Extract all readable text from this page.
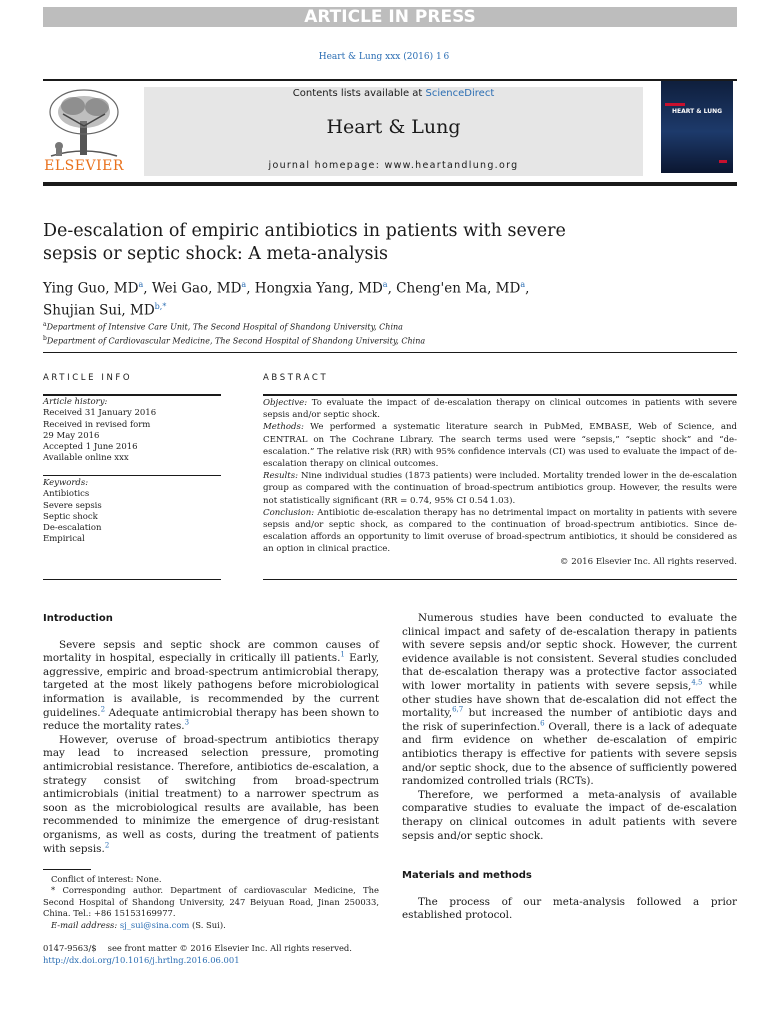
ARTICLE IN PRESS
Heart & Lung xxx (2016) 1 6
ELSEVIER
Contents lists available at ScienceDirect
Heart & Lung
journal homepage: www.heartandlung.org
HEART & LUNG
De-escalation of empiric antibiotics in patients with severe sepsis or septic shock: A meta-analysis
Ying Guo, $MD^a$, Wei Gao, $MD^a$, Hongxia Yang, $MD^a$, Cheng'en Ma, $MD^a$,
Shujian Sui, $MD^{b,*}$
$^a$Department of Intensive Care Unit, The Second Hospital of Shandong University, China
$^b$Department of Cardiovascular Medicine, The Second Hospital of Shandong University, China
ARTICLE INFO	ABSTRACT
Article history:
Received 31 January 2016
Received in revised form
29 May 2016
Accepted 1 June 2016
Available online xxx
Keywords:
Antibiotics
Severe sepsis
Septic shock
De-escalation
Empirical

Objective: To evaluate the impact of de-escalation therapy on clinical outcomes in patients with severe sepsis and/or septic shock.

Methods: We performed a systematic literature search in PubMed, EMBASE, Web of Science, and CENTRAL on The Cochrane Library. The search terms used were “sepsis,” “septic shock” and “de-escalation.” The relative risk (RR) with 95% confidence intervals (CI) was used to evaluate the impact of de-escalation therapy on clinical outcomes.

Results: Nine individual studies (1873 patients) were included. Mortality trended lower in the de-escalation group as compared with the continuation of broad-spectrum antibiotics group. However, the results were not statistically significant (RR = 0.74, 95% CI 0.54 1.03).

Conclusion: Antibiotic de-escalation therapy has no detrimental impact on mortality in patients with severe sepsis and/or septic shock, as compared to the continuation of broad-spectrum antibiotics. Since de-escalation affords an opportunity to limit overuse of broad-spectrum antibiotics, it should be considered as an option in clinical practice.

© 2016 Elsevier Inc. All rights reserved.

Introduction

Severe sepsis and septic shock are common causes of mortality in hospital, especially in critically ill patients.$^1$ Early, aggressive, empiric and broad-spectrum antimicrobial therapy, targeted at the most likely pathogens before microbiological information is available, is recommended by the current guidelines.$^2$ Adequate antimicrobial therapy has been shown to reduce the mortality rates.$^3$

However, overuse of broad-spectrum antibiotics therapy may lead to increased selection pressure, promoting antimicrobial resistance. Therefore, antibiotics de-escalation, a strategy consist of switching from broad-spectrum antimicrobials (initial treatment) to a narrower spectrum as soon as the microbiological results are available, has been recommended to minimize the emergence of drug-resistant organisms, as well as costs, during the treatment of patients with sepsis.$^2$

Numerous studies have been conducted to evaluate the clinical impact and safety of de-escalation therapy in patients with severe sepsis and/or septic shock. However, the current evidence available is not consistent. Several studies concluded that de-escalation therapy was a protective factor associated with lower mortality in patients with severe sepsis,$^{4,5}$ while other studies have shown that de-escalation did not effect the mortality,$^{6,7}$ but increased the number of antibiotic days and the risk of superinfection.$^6$ Overall, there is a lack of adequate and firm evidence on whether de-escalation of empiric antibiotics therapy is effective for patients with severe sepsis and/or septic shock, due to the absence of sufficiently powered randomized controlled trials (RCTs).

Therefore, we performed a meta-analysis of available comparative studies to evaluate the impact of de-escalation therapy on clinical outcomes in adult patients with severe sepsis and/or septic shock.

Materials and methods

The process of our meta-analysis followed a prior established protocol.

Conflict of interest: None.

* Corresponding author. Department of cardiovascular Medicine, The Second Hospital of Shandong University, 247 Beiyuan Road, Jinan 250033, China. Tel.: +86 15153169977.

E-mail address: sj_sui@sina.com (S. Sui).

0147-9563/$  see front matter © 2016 Elsevier Inc. All rights reserved.
http://dx.doi.org/10.1016/j.hrtlng.2016.06.001
